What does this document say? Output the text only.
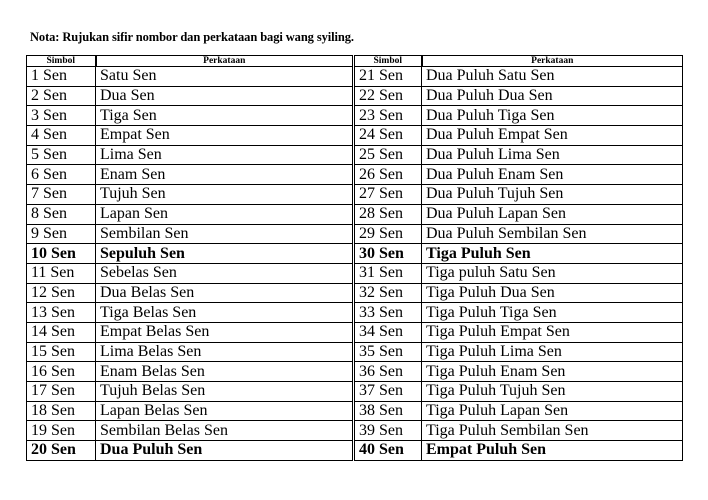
Nota: Rujukan sifir nombor dan perkataan bagi wang syiling.
Simbol	Perkataan	Simbol	Perkataan
1 Sen	Satu Sen	21 Sen	Dua Puluh Satu Sen
2 Sen	Dua Sen	22 Sen	Dua Puluh Dua Sen
3 Sen	Tiga Sen	23 Sen	Dua Puluh Tiga Sen
4 Sen	Empat Sen	24 Sen	Dua Puluh Empat Sen
5 Sen	Lima Sen	25 Sen	Dua Puluh Lima Sen
6 Sen	Enam Sen	26 Sen	Dua Puluh Enam Sen
7 Sen	Tujuh Sen	27 Sen	Dua Puluh Tujuh Sen
8 Sen	Lapan Sen	28 Sen	Dua Puluh Lapan Sen
9 Sen	Sembilan Sen	29 Sen	Dua Puluh Sembilan Sen
10 Sen	Sepuluh Sen	30 Sen	Tiga Puluh Sen
11 Sen	Sebelas Sen	31 Sen	Tiga puluh Satu Sen
12 Sen	Dua Belas Sen	32 Sen	Tiga Puluh Dua Sen
13 Sen	Tiga Belas Sen	33 Sen	Tiga Puluh Tiga Sen
14 Sen	Empat Belas Sen	34 Sen	Tiga Puluh Empat Sen
15 Sen	Lima Belas Sen	35 Sen	Tiga Puluh Lima Sen
16 Sen	Enam Belas Sen	36 Sen	Tiga Puluh Enam Sen
17 Sen	Tujuh Belas Sen	37 Sen	Tiga Puluh Tujuh Sen
18 Sen	Lapan Belas Sen	38 Sen	Tiga Puluh Lapan Sen
19 Sen	Sembilan Belas Sen	39 Sen	Tiga Puluh Sembilan Sen
20 Sen	Dua Puluh Sen	40 Sen	Empat Puluh Sen
